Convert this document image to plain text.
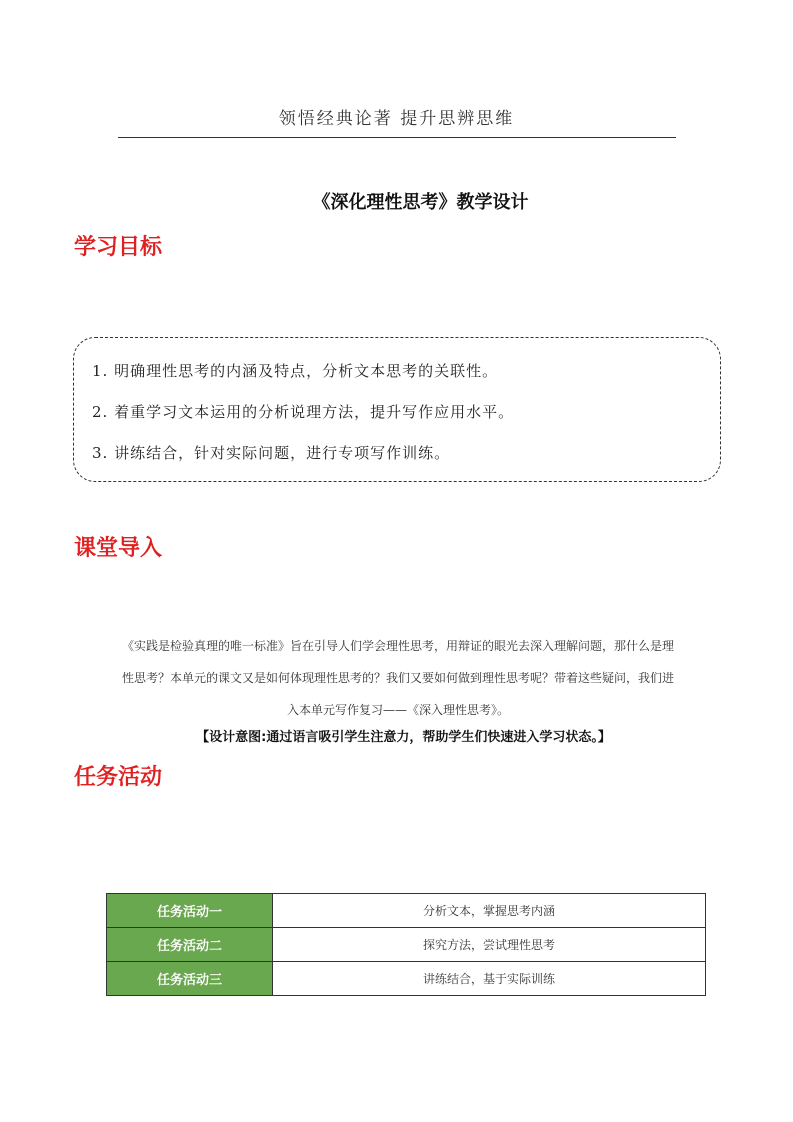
领悟经典论著 提升思辨思维
《深化理性思考》教学设计
学习目标
1. 明确理性思考的内涵及特点，分析文本思考的关联性。
2. 着重学习文本运用的分析说理方法，提升写作应用水平。
3. 讲练结合，针对实际问题，进行专项写作训练。
课堂导入
《实践是检验真理的唯一标准》旨在引导人们学会理性思考，用辩证的眼光去深入理解问题，那什么是理
性思考？本单元的课文又是如何体现理性思考的？我们又要如何做到理性思考呢？带着这些疑问，我们进
入本单元写作复习——《深入理性思考》。
【设计意图:通过语言吸引学生注意力，帮助学生们快速进入学习状态。】
任务活动
任务活动一	分析文本，掌握思考内涵
任务活动二	探究方法，尝试理性思考
任务活动三	讲练结合，基于实际训练
